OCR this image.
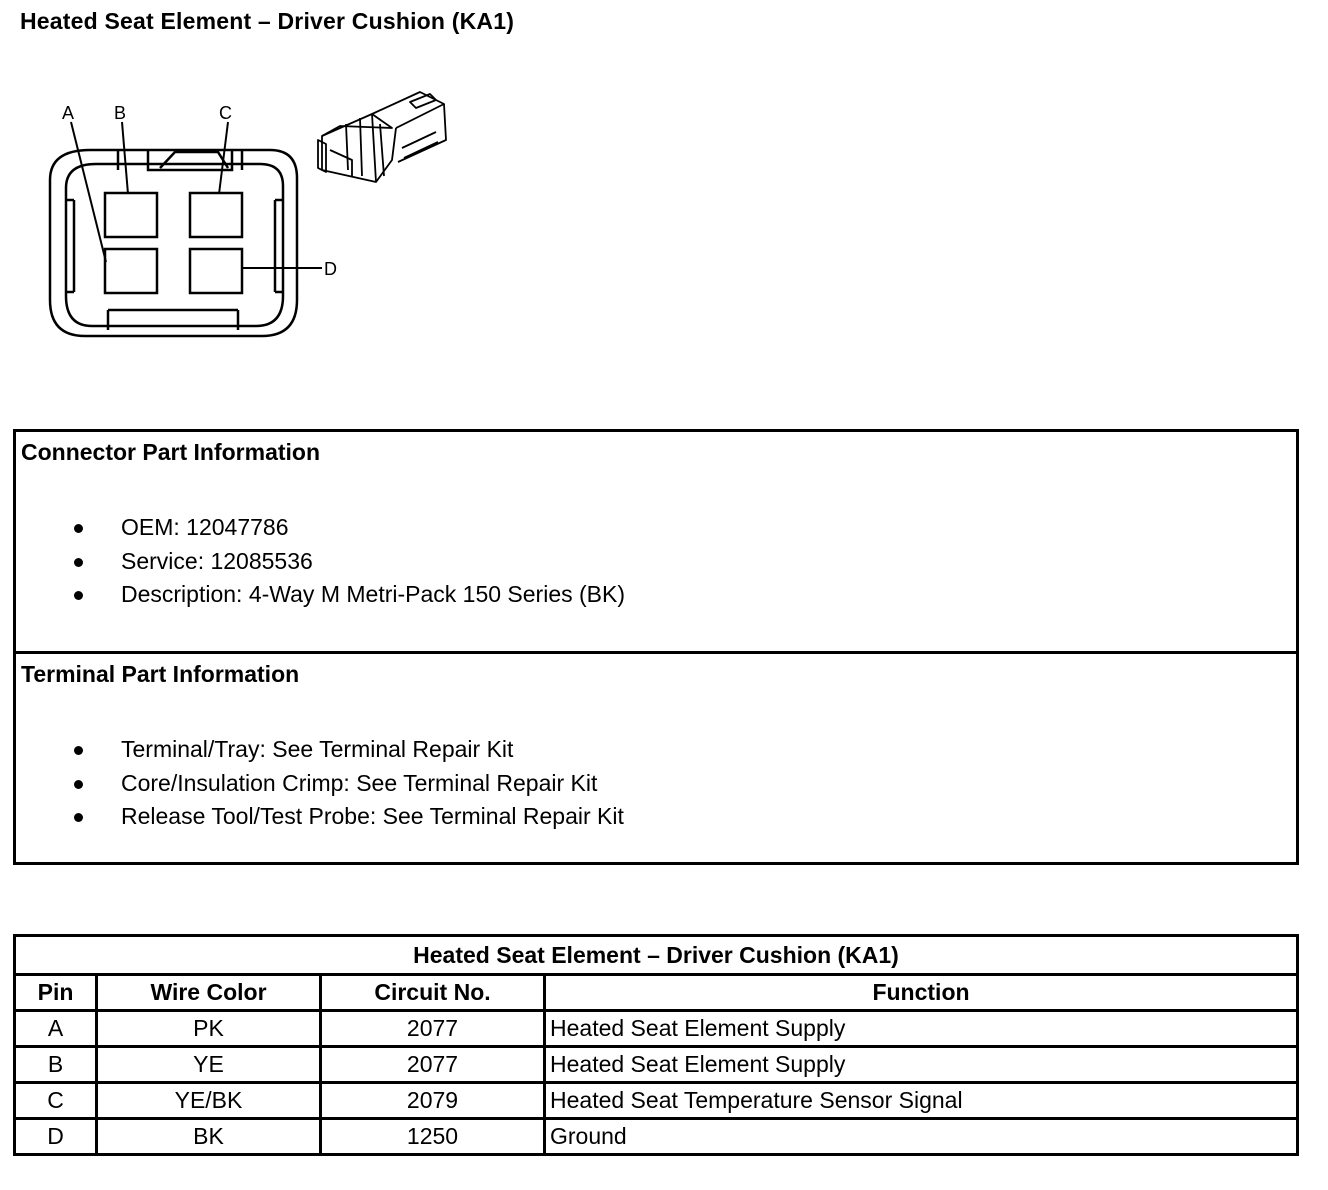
Heated Seat Element – Driver Cushion (KA1)
A B	C
D
Connector Part Information
OEM: 12047786
Service: 12085536
Description: 4-Way M Metri-Pack 150 Series (BK)
Terminal Part Information
Terminal/Tray: See Terminal Repair Kit
Core/Insulation Crimp: See Terminal Repair Kit
Release Tool/Test Probe: See Terminal Repair Kit
Heated Seat Element – Driver Cushion (KA1)			
Pin	Wire Color	Circuit No.	Function
A	PK	2077	Heated Seat Element Supply
B	YE	2077	Heated Seat Element Supply
C	YE/BK	2079	Heated Seat Temperature Sensor Signal
D	BK	1250	Ground
